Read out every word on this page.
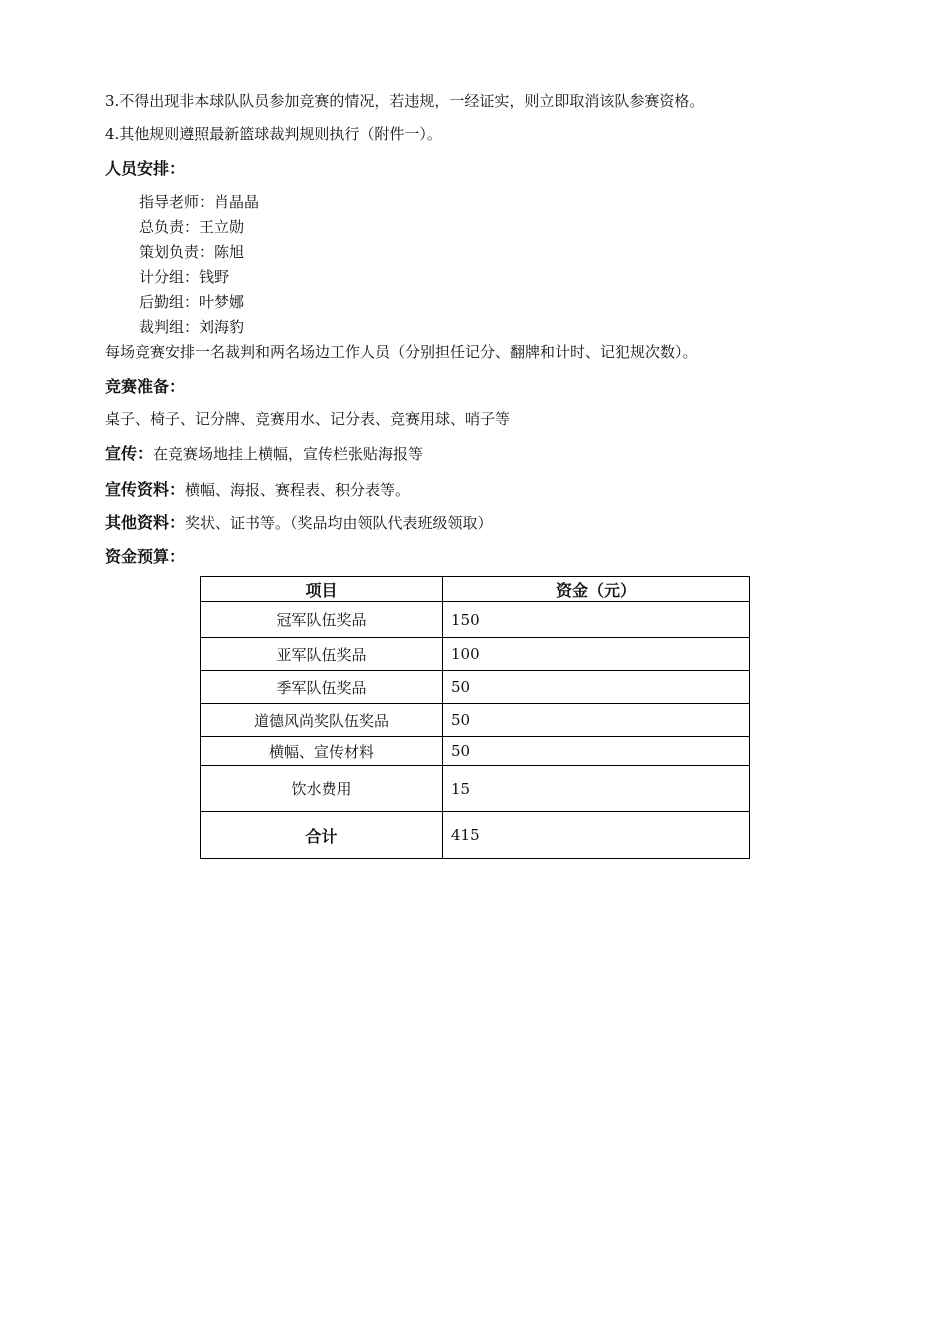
3.不得出现非本球队队员参加竞赛的情况，若违规，一经证实，则立即取消该队参赛资格。
4.其他规则遵照最新篮球裁判规则执行（附件一）。
人员安排：
指导老师：肖晶晶
总负责：王立勋
策划负责：陈旭
计分组：钱野
后勤组：叶梦娜
裁判组：刘海豹
每场竞赛安排一名裁判和两名场边工作人员（分别担任记分、翻牌和计时、记犯规次数）。
竞赛准备：
桌子、椅子、记分牌、竞赛用水、记分表、竞赛用球、哨子等
宣传：在竞赛场地挂上横幅，宣传栏张贴海报等
宣传资料：横幅、海报、赛程表、积分表等。
其他资料：奖状、证书等。（奖品均由领队代表班级领取）
资金预算：
项目	资金（元）
冠军队伍奖品	150
亚军队伍奖品	100
季军队伍奖品	50
道德风尚奖队伍奖品	50
横幅、宣传材料	50
饮水费用	15
合计	415
